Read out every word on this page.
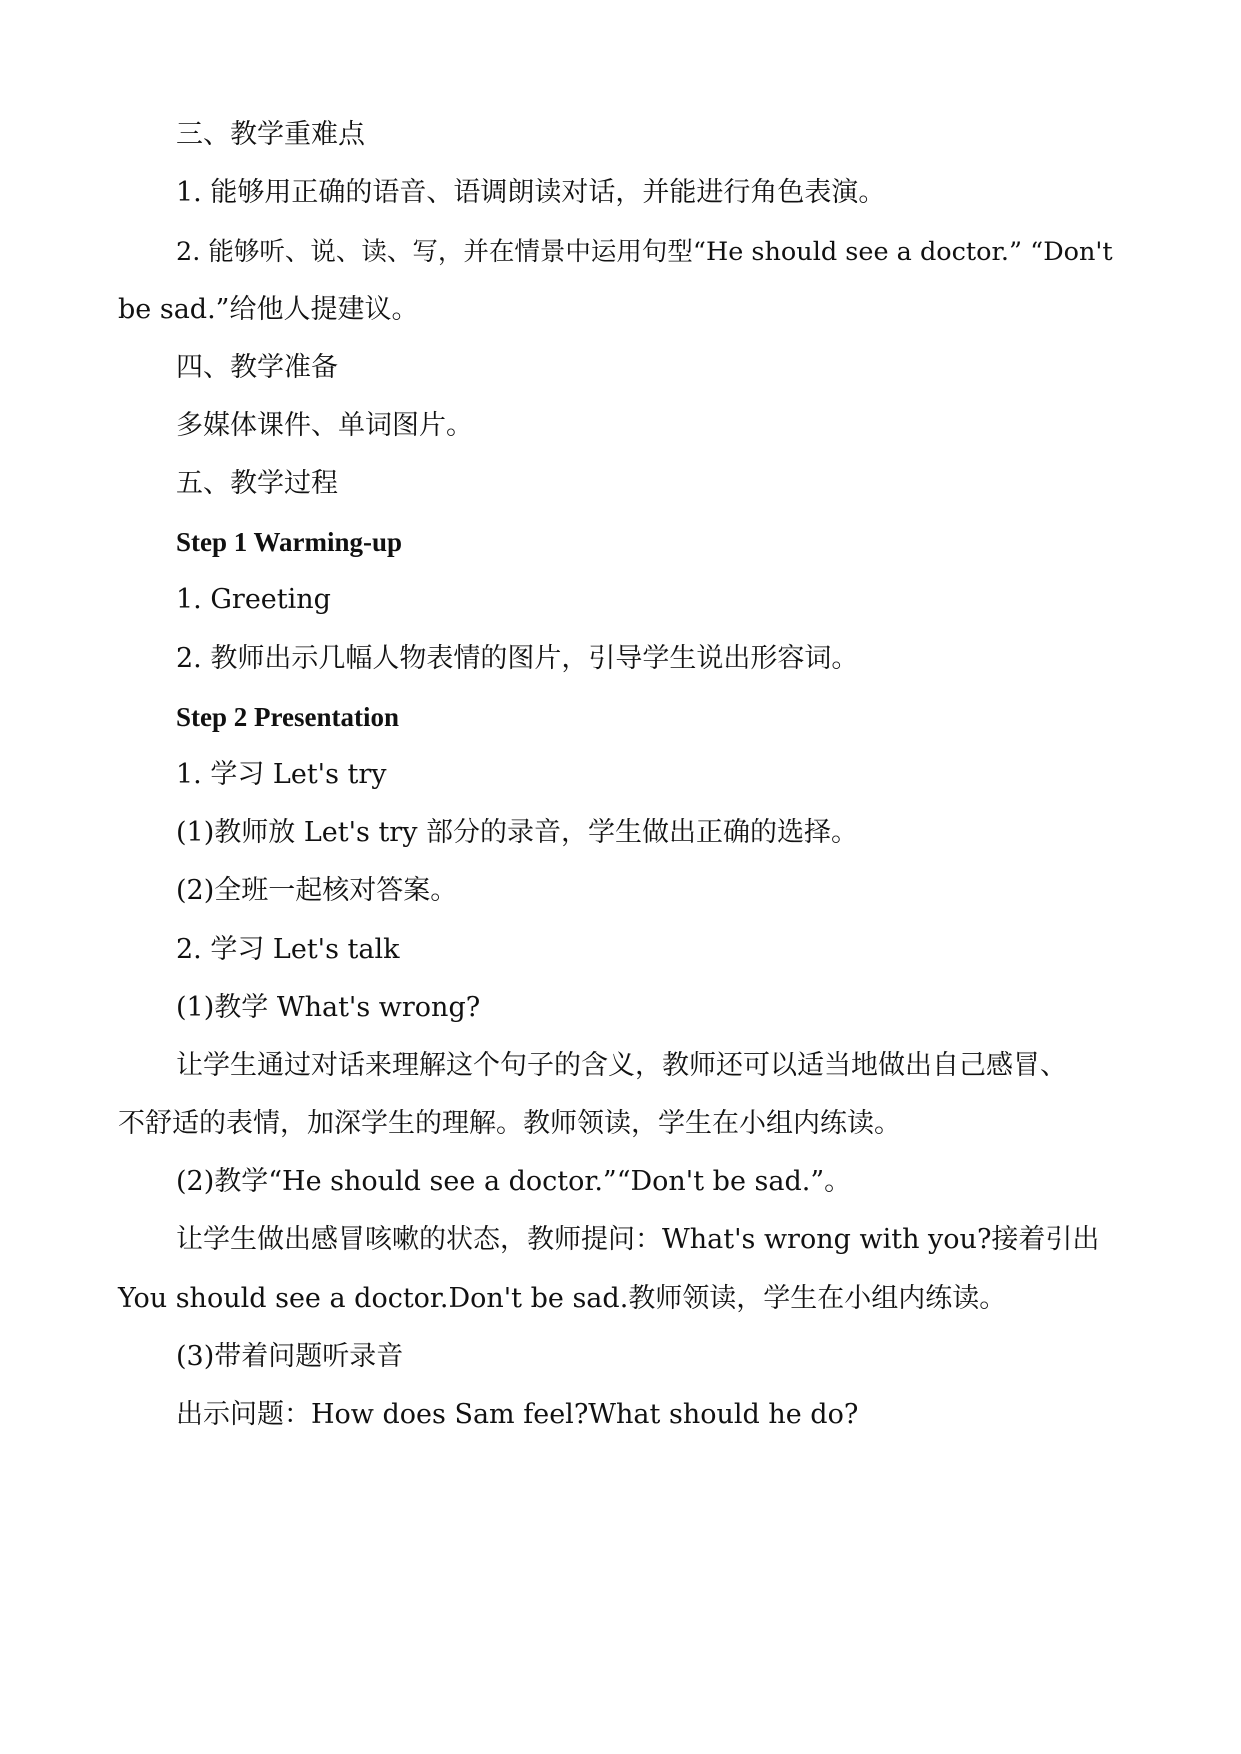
三、教学重难点
1. 能够用正确的语音、语调朗读对话，并能进行角色表演。
2. 能够听、说、读、写，并在情景中运用句型“He should see a doctor.” “Don't
be sad.”给他人提建议。
四、教学准备
多媒体课件、单词图片。
五、教学过程
Step 1 Warming-up
1. Greeting
2. 教师出示几幅人物表情的图片，引导学生说出形容词。
Step 2 Presentation
1. 学习 Let's try
(1)教师放 Let's try 部分的录音，学生做出正确的选择。
(2)全班一起核对答案。
2. 学习 Let's talk
(1)教学 What's wrong?
让学生通过对话来理解这个句子的含义，教师还可以适当地做出自己感冒、
不舒适的表情，加深学生的理解。教师领读，学生在小组内练读。
(2)教学“He should see a doctor.”“Don't be sad.”。
让学生做出感冒咳嗽的状态，教师提问：What's wrong with you?接着引出
You should see a doctor.Don't be sad.教师领读，学生在小组内练读。
(3)带着问题听录音
出示问题：How does Sam feel?What should he do?
